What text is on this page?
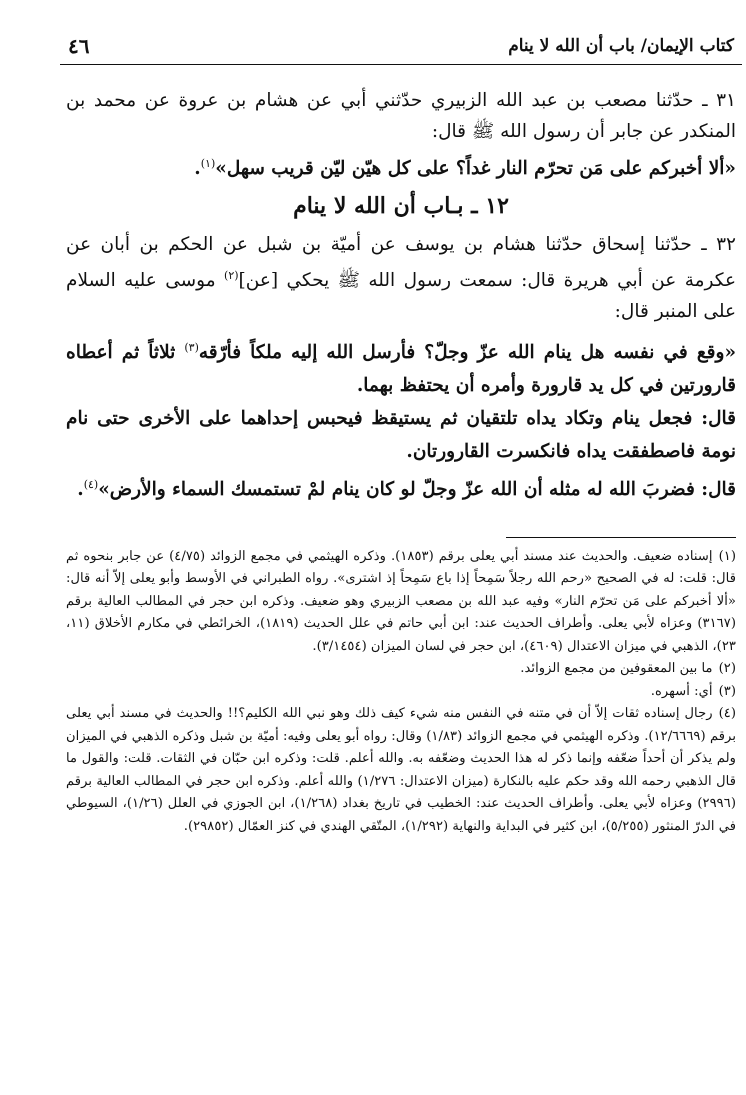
كتاب الإيمان/ باب أن الله لا ينام
٤٦

٣١ ـ حدّثنا مصعب بن عبد الله الزبيري حدّثني أبي عن هشام بن عروة عن محمد بن المنكدر عن جابر أن رسول الله ﷺ قال:

«ألا أخبركم على مَن تحرّم النار غداً؟ على كل هيّن ليّن قريب سهل»$^{(١)}$.

١٢ ـ بـاب أن الله لا ينام

٣٢ ـ حدّثنا إسحاق حدّثنا هشام بن يوسف عن أميّة بن شبل عن الحكم بن أبان عن عكرمة عن أبي هريرة قال: سمعت رسول الله ﷺ يحكي [عن]$^{(٢)}$ موسى عليه السلام على المنبر قال:

«وقع في نفسه هل ينام الله عزّ وجلّ؟ فأرسل الله إليه ملكاً فأرّقه$^{(٣)}$ ثلاثاً ثم أعطاه قارورتين في كل يد قارورة وأمره أن يحتفظ بهما.

قال: فجعل ينام وتكاد يداه تلتقيان ثم يستيقظ فيحبس إحداهما على الأخرى حتى نام نومة فاصطفقت يداه فانكسرت القارورتان.

قال: فضربَ الله له مثله أن الله عزّ وجلّ لو كان ينام لمْ تستمسك السماء والأرض»$^{(٤)}$.

(١)إسناده ضعيف. والحديث عند مسند أبي يعلى برقم (١٨٥٣). وذكره الهيثمي في مجمع الزوائد (٤/٧٥) عن جابر بنحوه ثم قال: قلت: له في الصحيح «رحم الله رجلاً سَمِحاً إذا باع سَمِحاً إذ اشترى». رواه الطبراني في الأوسط وأبو يعلى إلاّ أنه قال: «ألا أخبركم على مَن تحرّم النار» وفيه عبد الله بن مصعب الزبيري وهو ضعيف. وذكره ابن حجر في المطالب العالية برقم (٣١٦٧) وعزاه لأبي يعلى. وأطراف الحديث عند: ابن أبي حاتم في علل الحديث (١٨١٩)، الخرائطي في مكارم الأخلاق (١١، ٢٣)، الذهبي في ميزان الاعتدال (٤٦٠٩)، ابن حجر في لسان الميزان (٣/١٤٥٤).

(٢)ما بين المعقوفين من مجمع الزوائد.

(٣)أي: أسهره.

(٤)رجال إسناده ثقات إلاّ أن في متنه في النفس منه شيء كيف ذلك وهو نبي الله الكليم؟!! والحديث في مسند أبي يعلى برقم (١٢/٦٦٦٩). وذكره الهيثمي في مجمع الزوائد (١/٨٣) وقال: رواه أبو يعلى وفيه: أميّة بن شبل وذكره الذهبي في الميزان ولم يذكر أن أحداً ضعّفه وإنما ذكر له هذا الحديث وضعّفه به. والله أعلم. قلت: وذكره ابن حبّان في الثقات. قلت: والقول ما قال الذهبي رحمه الله وقد حكم عليه بالنكارة (ميزان الاعتدال: ١/٢٧٦) والله أعلم. وذكره ابن حجر في المطالب العالية برقم (٢٩٩٦) وعزاه لأبي يعلى. وأطراف الحديث عند: الخطيب في تاريخ بغداد (١/٢٦٨)، ابن الجوزي في العلل (١/٢٦)، السيوطي في الدرّ المنثور (٥/٢٥٥)، ابن كثير في البداية والنهاية (١/٢٩٢)، المتّقي الهندي في كنز العمّال (٢٩٨٥٢).
